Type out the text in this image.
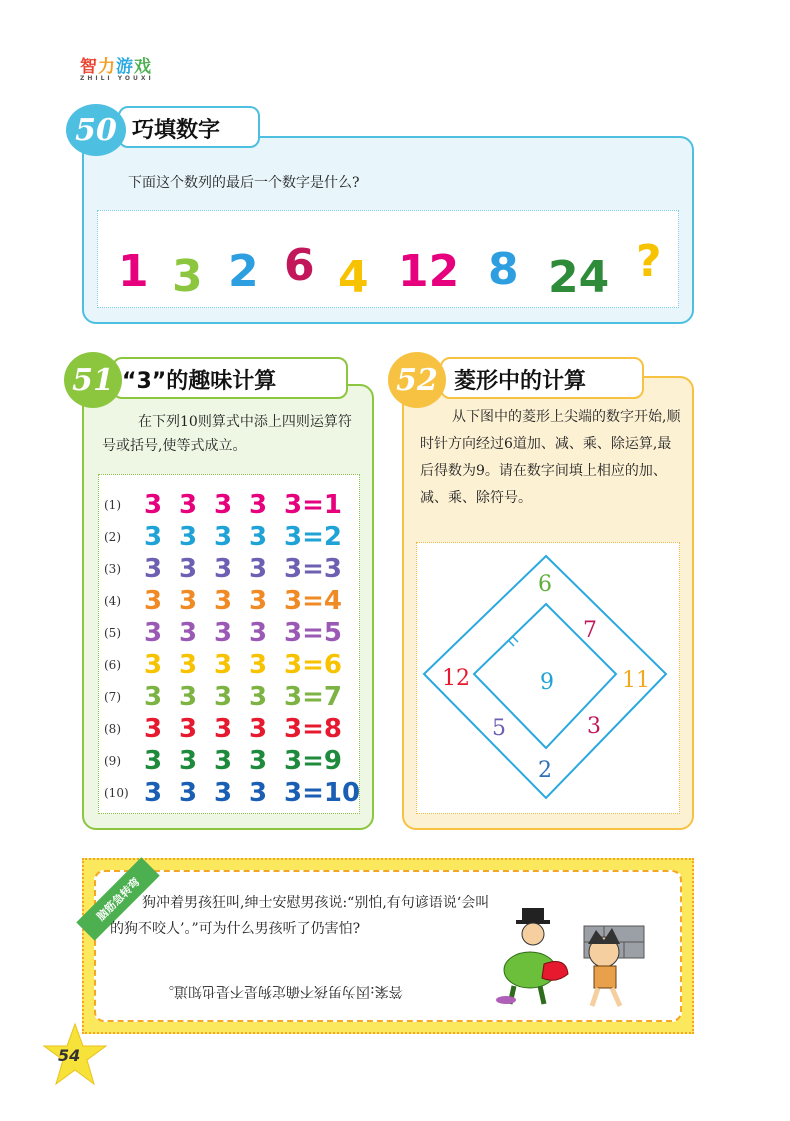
智力游戏
ZHILI YOUXI
50 巧填数字
下面这个数列的最后一个数字是什么?
1 3 2 6 4 12 8 24 ?
51 “3”的趣味计算
在下列10则算式中添上四则运算符号或括号,使等式成立。
(1) 3 3 3 3 3=1
(2) 3 3 3 3 3=2
(3) 3 3 3 3 3=3
(4) 3 3 3 3 3=4
(5) 3 3 3 3 3=5
(6) 3 3 3 3 3=6
(7) 3 3 3 3 3=7
(8) 3 3 3 3 3=8
(9) 3 3 3 3 3=9
(10) 3 3 3 3 3=10
52 菱形中的计算
从下图中的菱形上尖端的数字开始,顺时针方向经过6道加、减、乘、除运算,最后得数为9。请在数字间填上相应的加、减、乘、除符号。
6
7
11
3
2
5
12	9
脑筋急转弯 狗冲着男孩狂叫,绅士安慰男孩说:“别怕,有句谚语说‘会叫的狗不咬人’。”可为什么男孩听了仍害怕?
答案:因为男孩不确定狗是不是也知道。
54
